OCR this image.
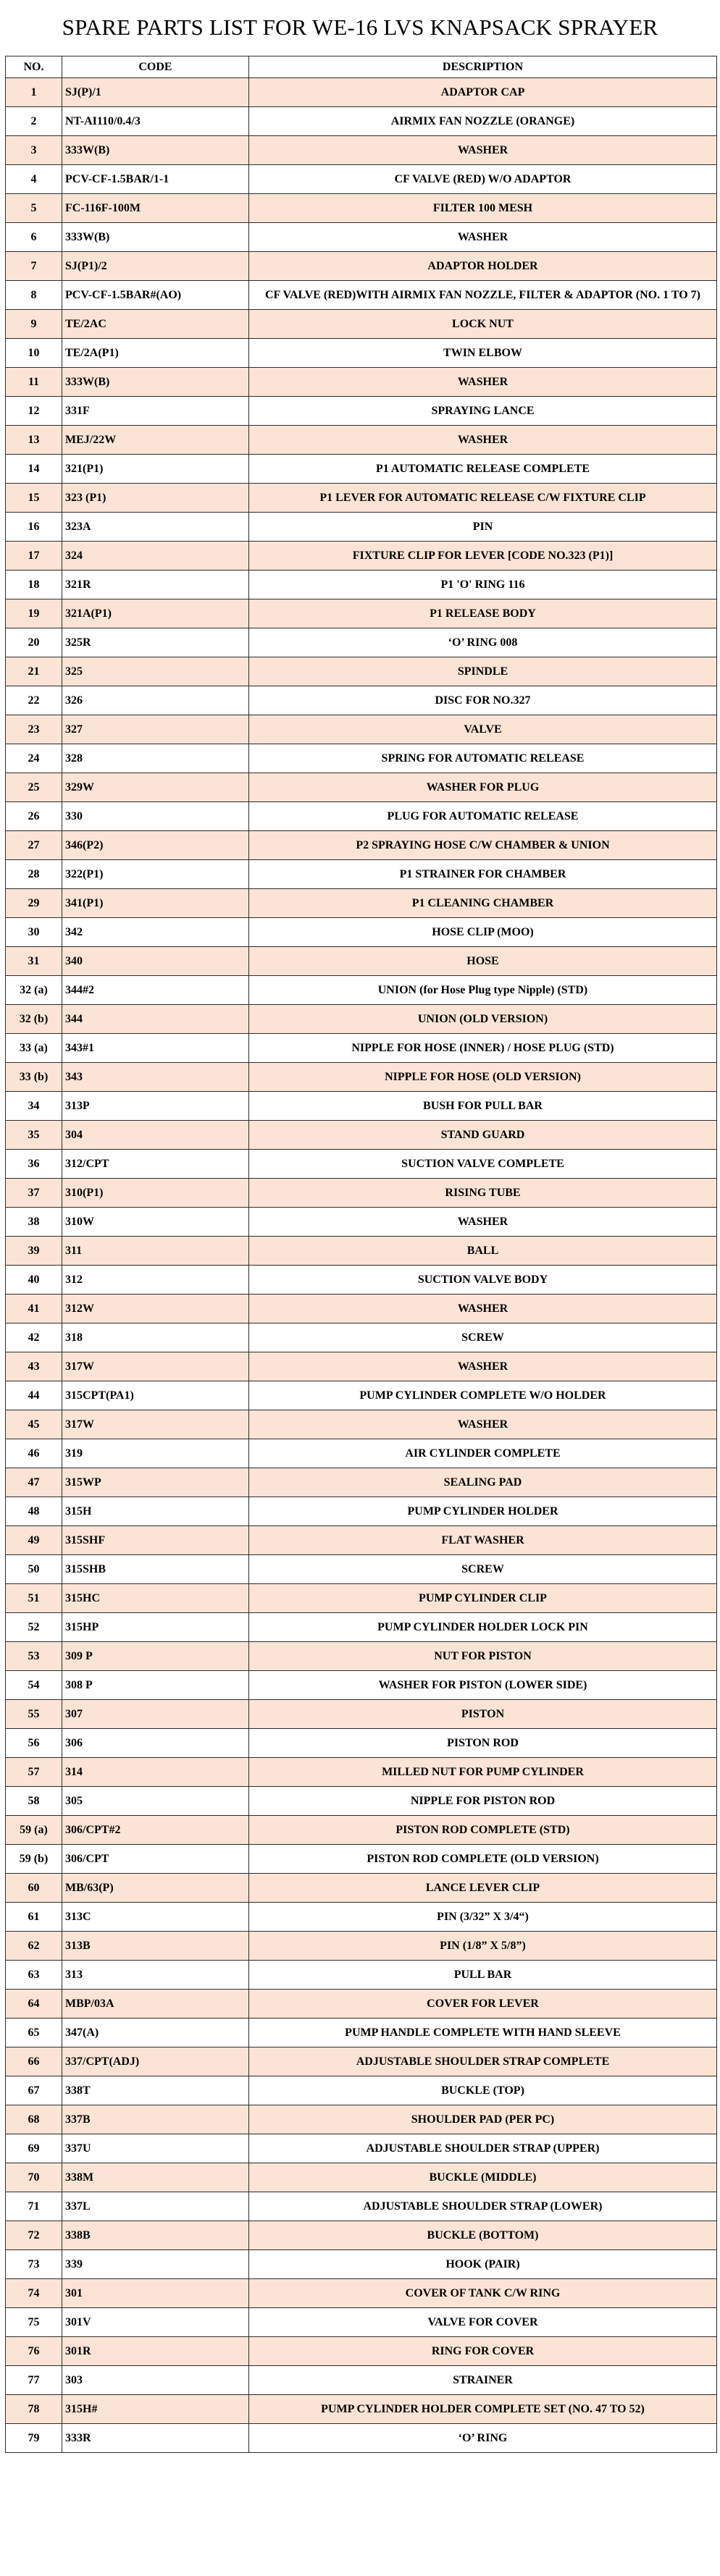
SPARE PARTS LIST FOR WE-16 LVS KNAPSACK SPRAYER
NO.	CODE	DESCRIPTION
1	SJ(P)/1	ADAPTOR CAP
2	NT-AI110/0.4/3	AIRMIX FAN NOZZLE (ORANGE)
3	333W(B)	WASHER
4	PCV-CF-1.5BAR/1-1	CF VALVE (RED) W/O ADAPTOR
5	FC-116F-100M	FILTER 100 MESH
6	333W(B)	WASHER
7	SJ(P1)/2	ADAPTOR HOLDER
8	PCV-CF-1.5BAR#(AO)	CF VALVE (RED)WITH AIRMIX FAN NOZZLE, FILTER & ADAPTOR (NO. 1 TO 7)
9	TE/2AC	LOCK NUT
10	TE/2A(P1)	TWIN ELBOW
11	333W(B)	WASHER
12	331F	SPRAYING LANCE
13	MEJ/22W	WASHER
14	321(P1)	P1 AUTOMATIC RELEASE COMPLETE
15	323 (P1)	P1 LEVER FOR AUTOMATIC RELEASE C/W FIXTURE CLIP
16	323A	PIN
17	324	FIXTURE CLIP FOR LEVER [CODE NO.323 (P1)]
18	321R	P1 'O' RING 116
19	321A(P1)	P1 RELEASE BODY
20	325R	‘O’ RING 008
21	325	SPINDLE
22	326	DISC FOR NO.327
23	327	VALVE
24	328	SPRING FOR AUTOMATIC RELEASE
25	329W	WASHER FOR PLUG
26	330	PLUG FOR AUTOMATIC RELEASE
27	346(P2)	P2 SPRAYING HOSE C/W CHAMBER & UNION
28	322(P1)	P1 STRAINER FOR CHAMBER
29	341(P1)	P1 CLEANING CHAMBER
30	342	HOSE CLIP (MOO)
31	340	HOSE
32 (a)	344#2	UNION (for Hose Plug type Nipple) (STD)
32 (b)	344	UNION (OLD VERSION)
33 (a)	343#1	NIPPLE FOR HOSE (INNER) / HOSE PLUG (STD)
33 (b)	343	NIPPLE FOR HOSE (OLD VERSION)
34	313P	BUSH FOR PULL BAR
35	304	STAND GUARD
36	312/CPT	SUCTION VALVE COMPLETE
37	310(P1)	RISING TUBE
38	310W	WASHER
39	311	BALL
40	312	SUCTION VALVE BODY
41	312W	WASHER
42	318	SCREW
43	317W	WASHER
44	315CPT(PA1)	PUMP CYLINDER COMPLETE W/O HOLDER
45	317W	WASHER
46	319	AIR CYLINDER COMPLETE
47	315WP	SEALING PAD
48	315H	PUMP CYLINDER HOLDER
49	315SHF	FLAT WASHER
50	315SHB	SCREW
51	315HC	PUMP CYLINDER CLIP
52	315HP	PUMP CYLINDER HOLDER LOCK PIN
53	309 P	NUT FOR PISTON
54	308 P	WASHER FOR PISTON (LOWER SIDE)
55	307	PISTON
56	306	PISTON ROD
57	314	MILLED NUT FOR PUMP CYLINDER
58	305	NIPPLE FOR PISTON ROD
59 (a)	306/CPT#2	PISTON ROD COMPLETE (STD)
59 (b)	306/CPT	PISTON ROD COMPLETE (OLD VERSION)
60	MB/63(P)	LANCE LEVER CLIP
61	313C	PIN (3/32” X 3/4“)
62	313B	PIN (1/8” X 5/8”)
63	313	PULL BAR
64	MBP/03A	COVER FOR LEVER
65	347(A)	PUMP HANDLE COMPLETE WITH HAND SLEEVE
66	337/CPT(ADJ)	ADJUSTABLE SHOULDER STRAP COMPLETE
67	338T	BUCKLE (TOP)
68	337B	SHOULDER PAD (PER PC)
69	337U	ADJUSTABLE SHOULDER STRAP (UPPER)
70	338M	BUCKLE (MIDDLE)
71	337L	ADJUSTABLE SHOULDER STRAP (LOWER)
72	338B	BUCKLE (BOTTOM)
73	339	HOOK (PAIR)
74	301	COVER OF TANK C/W RING
75	301V	VALVE FOR COVER
76	301R	RING FOR COVER
77	303	STRAINER
78	315H#	PUMP CYLINDER HOLDER COMPLETE SET (NO. 47 TO 52)
79	333R	‘O’ RING
